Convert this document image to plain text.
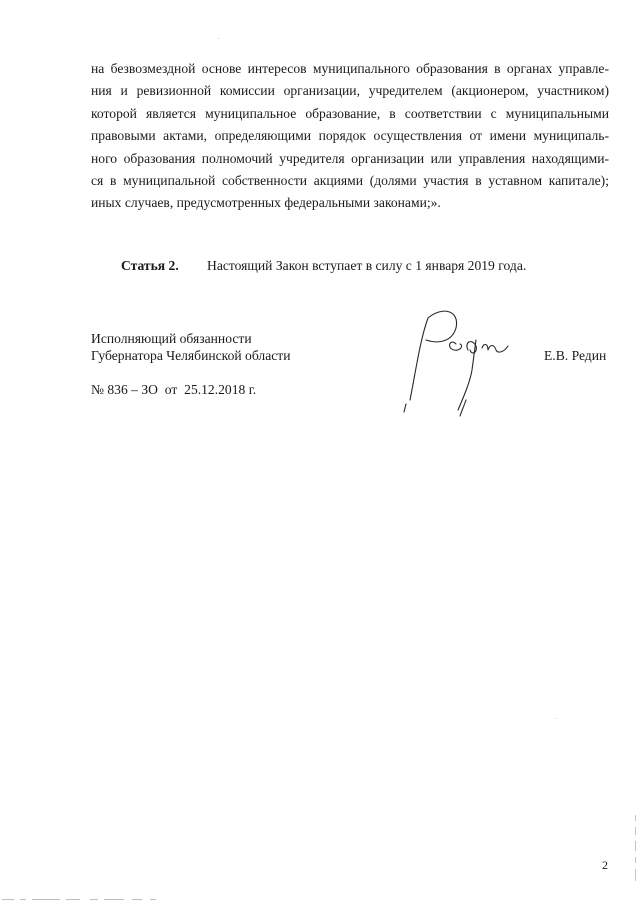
на безвозмездной основе интересов муниципального образования в органах управле-
ния и ревизионной комиссии организации, учредителем (акционером, участником)
которой является муниципальное образование, в соответствии с муниципальными
правовыми актами, определяющими порядок осуществления от имени муниципаль-
ного образования полномочий учредителя организации или управления находящими-
ся в муниципальной собственности акциями (долями участия в уставном капитале);
иных случаев, предусмотренных федеральными законами;».
Статья 2. Настоящий Закон вступает в силу с 1 января 2019 года.
Исполняющий обязанности
Губернатора Челябинской области	Е.В. Редин
№ 836 – ЗО от 25.12.2018 г.
2
